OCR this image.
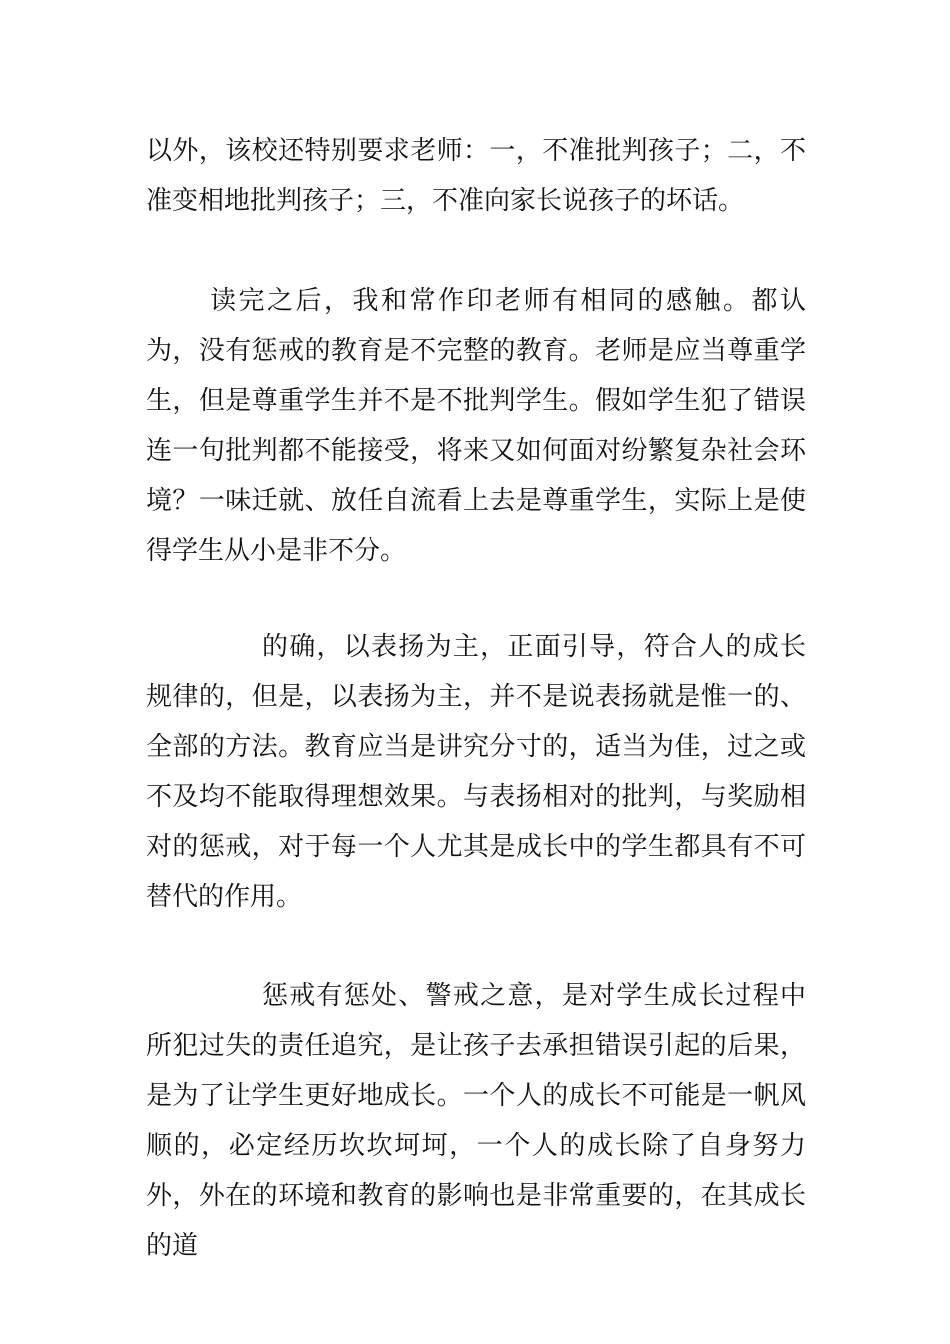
以外，该校还特别要求老师：一，不准批判孩子；二，不准变相地批判孩子；三，不准向家长说孩子的坏话。

读完之后，我和常作印老师有相同的感触。都认为，没有惩戒的教育是不完整的教育。老师是应当尊重学生，但是尊重学生并不是不批判学生。假如学生犯了错误连一句批判都不能接受，将来又如何面对纷繁复杂社会环境？一味迁就、放任自流看上去是尊重学生，实际上是使得学生从小是非不分。

的确，以表扬为主，正面引导，符合人的成长规律的，但是，以表扬为主，并不是说表扬就是惟一的、全部的方法。教育应当是讲究分寸的，适当为佳，过之或不及均不能取得理想效果。与表扬相对的批判，与奖励相对的惩戒，对于每一个人尤其是成长中的学生都具有不可替代的作用。

惩戒有惩处、警戒之意，是对学生成长过程中所犯过失的责任追究，是让孩子去承担错误引起的后果，是为了让学生更好地成长。一个人的成长不可能是一帆风顺的，必定经历坎坎坷坷，一个人的成长除了自身努力外，外在的环境和教育的影响也是非常重要的，在其成长的道
